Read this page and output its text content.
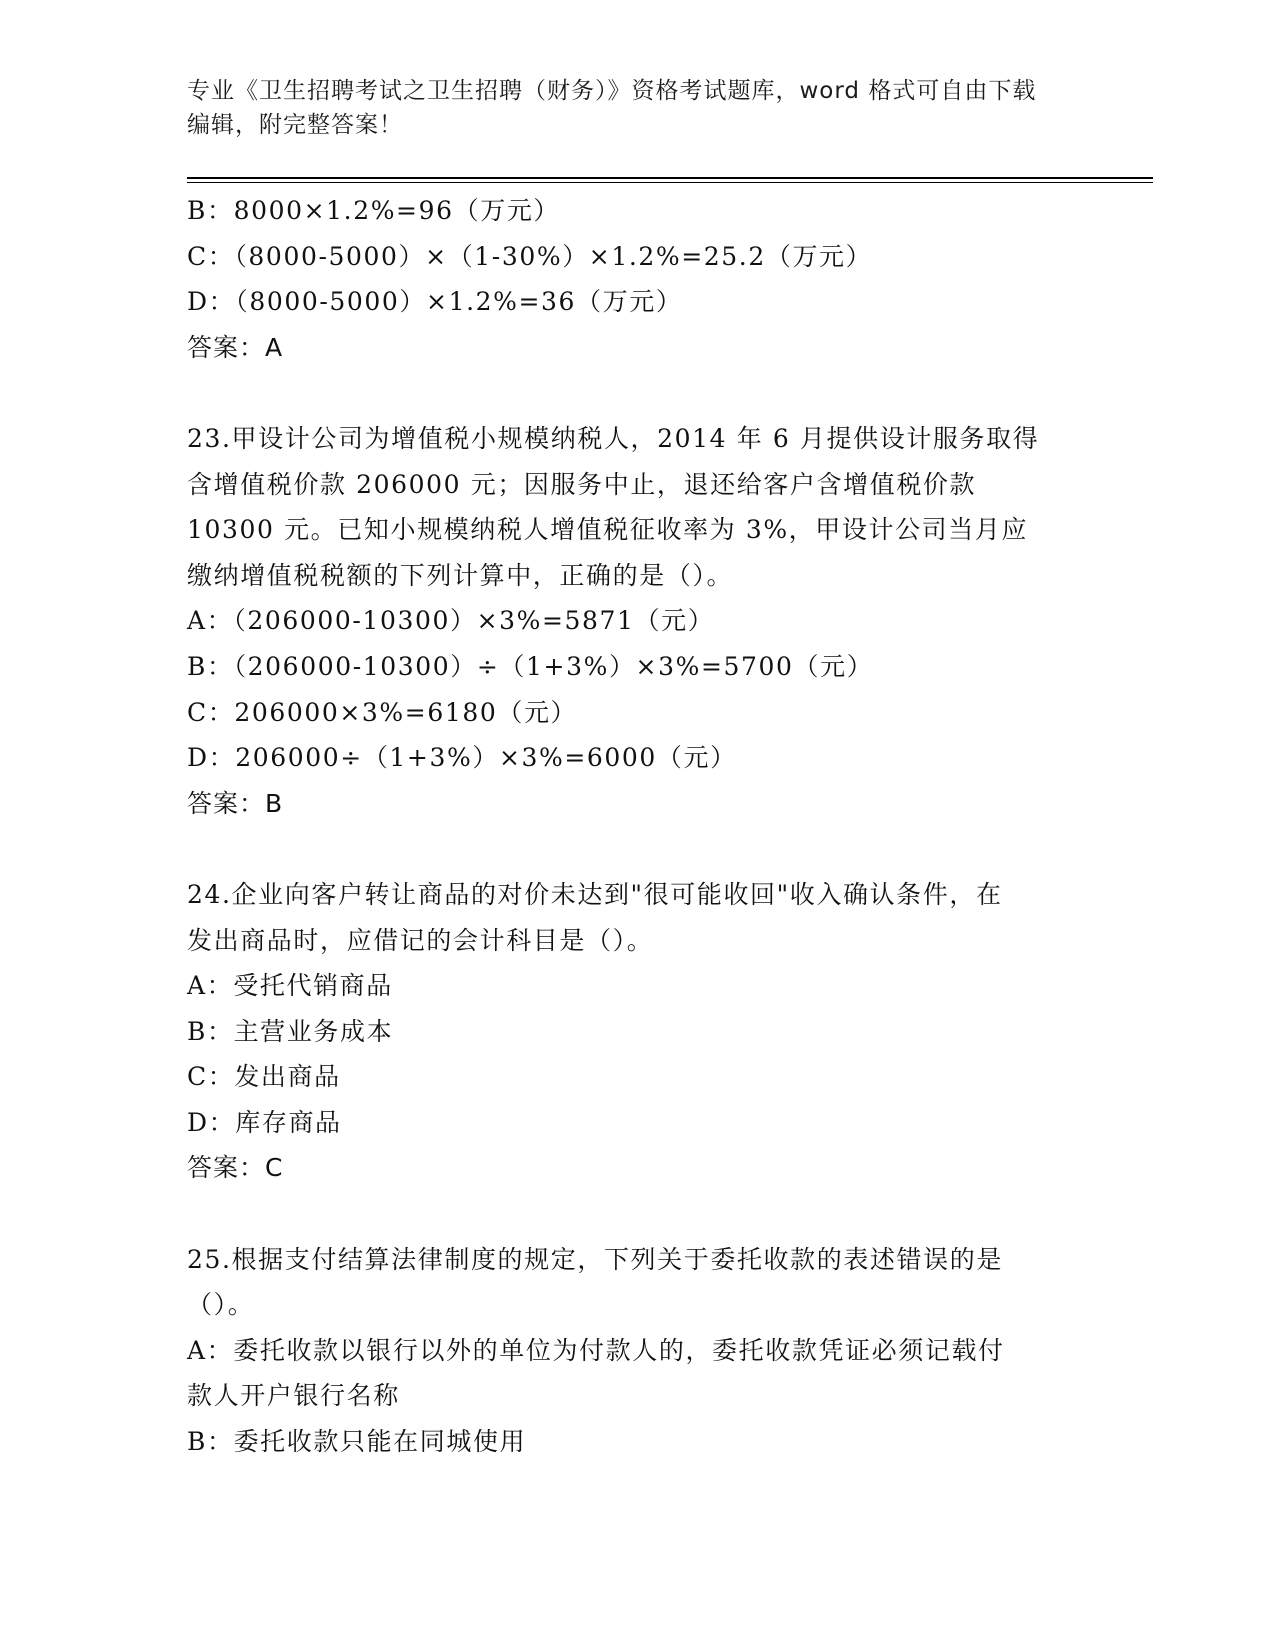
专业《卫生招聘考试之卫生招聘（财务）》资格考试题库，word 格式可自由下载
编辑，附完整答案！
B：8000×1.2%=96（万元）
C：（8000-5000）×（1-30%）×1.2%=25.2（万元）
D：（8000-5000）×1.2%=36（万元）
答案：A
23.甲设计公司为增值税小规模纳税人，2014 年 6 月提供设计服务取得
含增值税价款 206000 元；因服务中止，退还给客户含增值税价款
10300 元。已知小规模纳税人增值税征收率为 3%，甲设计公司当月应
缴纳增值税税额的下列计算中，正确的是（）。
A：（206000-10300）×3%=5871（元）
B：（206000-10300）÷（1+3%）×3%=5700（元）
C：206000×3%=6180（元）
D：206000÷（1+3%）×3%=6000（元）
答案：B
24.企业向客户转让商品的对价未达到"很可能收回"收入确认条件，在
发出商品时，应借记的会计科目是（）。
A：受托代销商品
B：主营业务成本
C：发出商品
D：库存商品
答案：C
25.根据支付结算法律制度的规定，下列关于委托收款的表述错误的是
（）。
A：委托收款以银行以外的单位为付款人的，委托收款凭证必须记载付
款人开户银行名称
B：委托收款只能在同城使用
